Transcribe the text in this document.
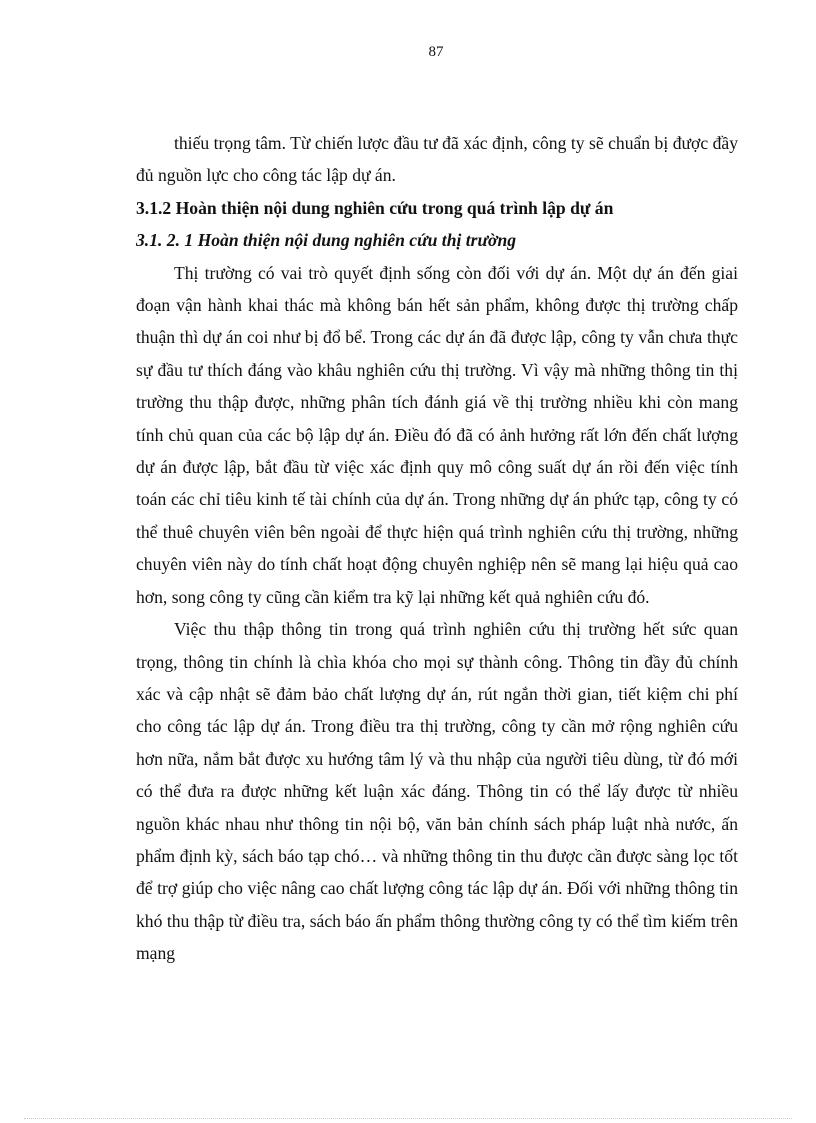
87

thiếu trọng tâm. Từ chiến lược đầu tư đã xác định, công ty sẽ chuẩn bị được đầy đủ nguồn lực cho công tác lập dự án.

3.1.2 Hoàn thiện nội dung nghiên cứu trong quá trình lập dự án
3.1. 2. 1 Hoàn thiện nội dung nghiên cứu thị trường

Thị trường có vai trò quyết định sống còn đối với dự án. Một dự án đến giai đoạn vận hành khai thác mà không bán hết sản phẩm, không được thị trường chấp thuận thì dự án coi như bị đổ bể. Trong các dự án đã được lập, công ty vẫn chưa thực sự đầu tư thích đáng vào khâu nghiên cứu thị trường. Vì vậy mà những thông tin thị trường thu thập được, những phân tích đánh giá về thị trường nhiều khi còn mang tính chủ quan của các bộ lập dự án. Điều đó đã có ảnh hưởng rất lớn đến chất lượng dự án được lập, bắt đầu từ việc xác định quy mô công suất dự án rồi đến việc tính toán các chỉ tiêu kinh tế tài chính của dự án. Trong những dự án phức tạp, công ty có thể thuê chuyên viên bên ngoài để thực hiện quá trình nghiên cứu thị trường, những chuyên viên này do tính chất hoạt động chuyên nghiệp nên sẽ mang lại hiệu quả cao hơn, song công ty cũng cần kiểm tra kỹ lại những kết quả nghiên cứu đó.

Việc thu thập thông tin trong quá trình nghiên cứu thị trường hết sức quan trọng, thông tin chính là chìa khóa cho mọi sự thành công. Thông tin đầy đủ chính xác và cập nhật sẽ đảm bảo chất lượng dự án, rút ngắn thời gian, tiết kiệm chi phí cho công tác lập dự án. Trong điều tra thị trường, công ty cần mở rộng nghiên cứu hơn nữa, nắm bắt được xu hướng tâm lý và thu nhập của người tiêu dùng, từ đó mới có thể đưa ra được những kết luận xác đáng. Thông tin có thể lấy được từ nhiều nguồn khác nhau như thông tin nội bộ, văn bản chính sách pháp luật nhà nước, ấn phẩm định kỳ, sách báo tạp chó… và những thông tin thu được cần được sàng lọc tốt để trợ giúp cho việc nâng cao chất lượng công tác lập dự án. Đối với những thông tin khó thu thập từ điều tra, sách báo ấn phẩm thông thường công ty có thể tìm kiếm trên mạng
